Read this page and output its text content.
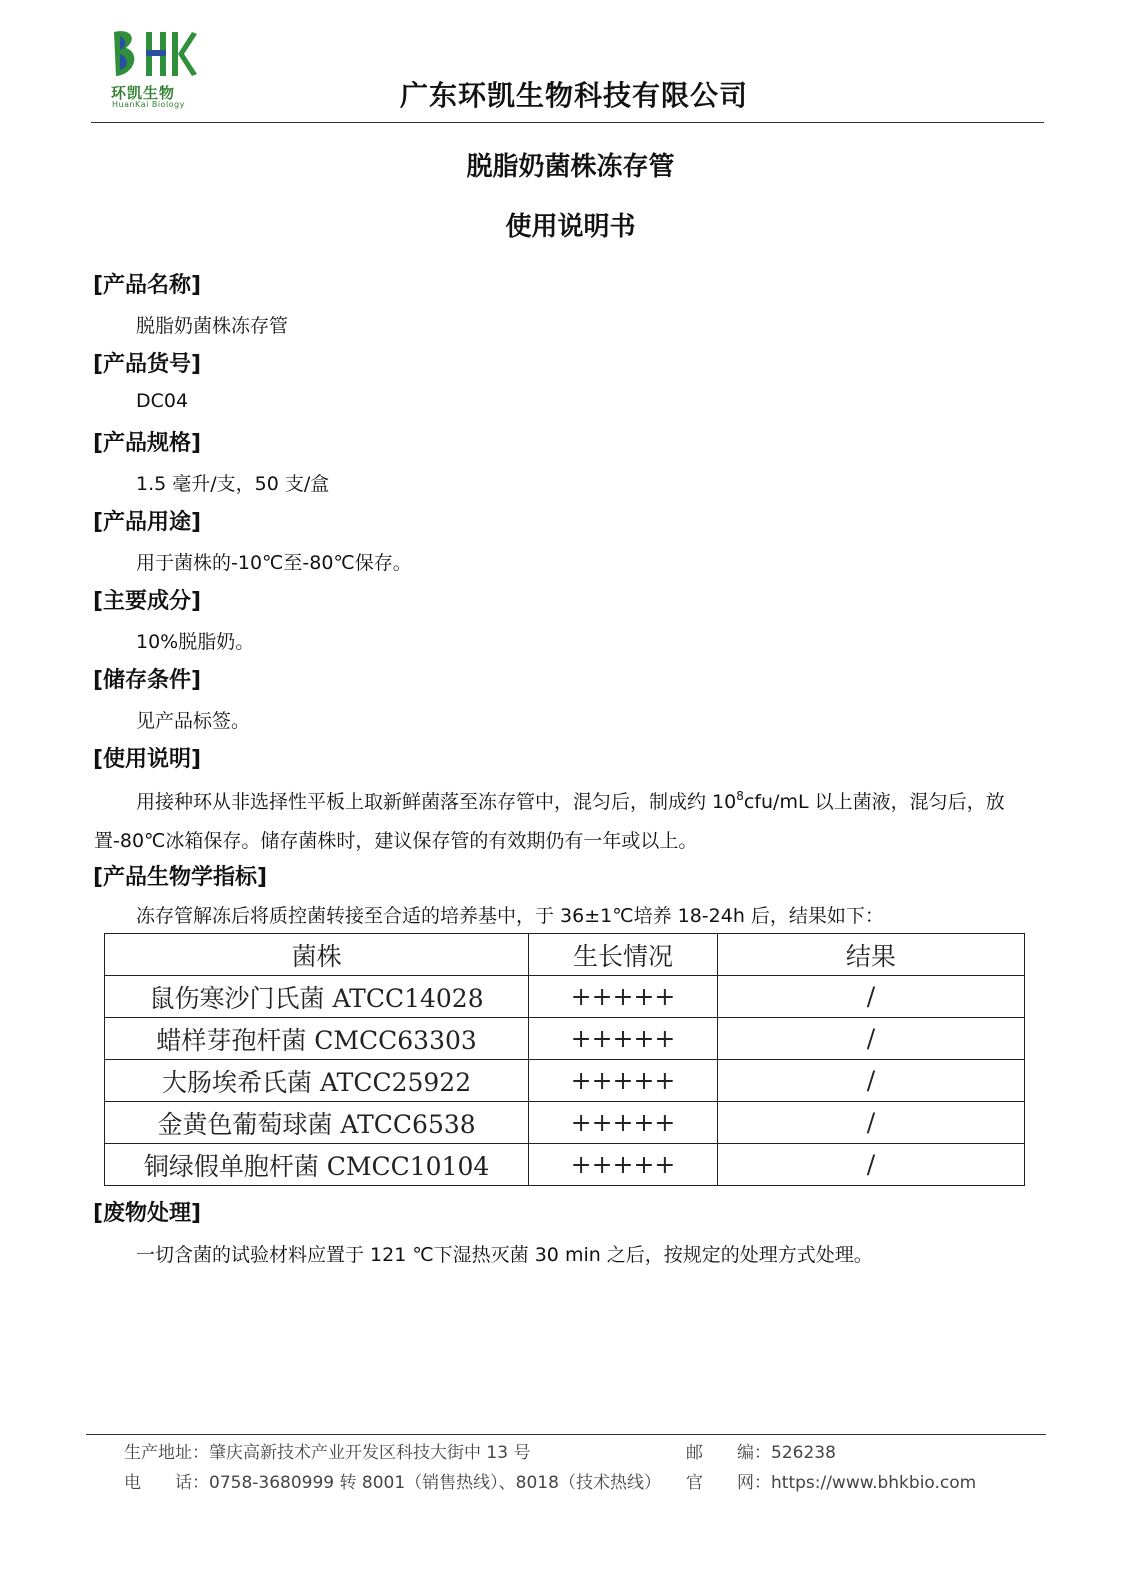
环凯生物
HuanKai Biology	广东环凯生物科技有限公司
脱脂奶菌株冻存管
使用说明书
[产品名称]
脱脂奶菌株冻存管
[产品货号]
DC04
[产品规格]
1.5 毫升/支，50 支/盒
[产品用途]
用于菌株的-10℃至-80℃保存。
[主要成分]
10%脱脂奶。
[储存条件]
见产品标签。
[使用说明]
用接种环从非选择性平板上取新鲜菌落至冻存管中，混匀后，制成约 $10^8cfu/mL$ 以上菌液，混匀后，放置-80℃冰箱保存。储存菌株时，建议保存管的有效期仍有一年或以上。
[产品生物学指标]
冻存管解冻后将质控菌转接至合适的培养基中，于 36±1℃培养 18-24h 后，结果如下：
菌株	生长情况	结果
鼠伤寒沙门氏菌 ATCC14028	+++++	/
蜡样芽孢杆菌 CMCC63303	+++++	/
大肠埃希氏菌 ATCC25922	+++++	/
金黄色葡萄球菌 ATCC6538	+++++	/
铜绿假单胞杆菌 CMCC10104	+++++	/
[废物处理]
一切含菌的试验材料应置于 121 ℃下湿热灭菌 30 min 之后，按规定的处理方式处理。
生产地址：肇庆高新技术产业开发区科技大街中 13 号
电　　话：0758-3680999 转 8001（销售热线）、8018（技术热线）
邮　　编：526238
官　　网：https://www.bhkbio.com
